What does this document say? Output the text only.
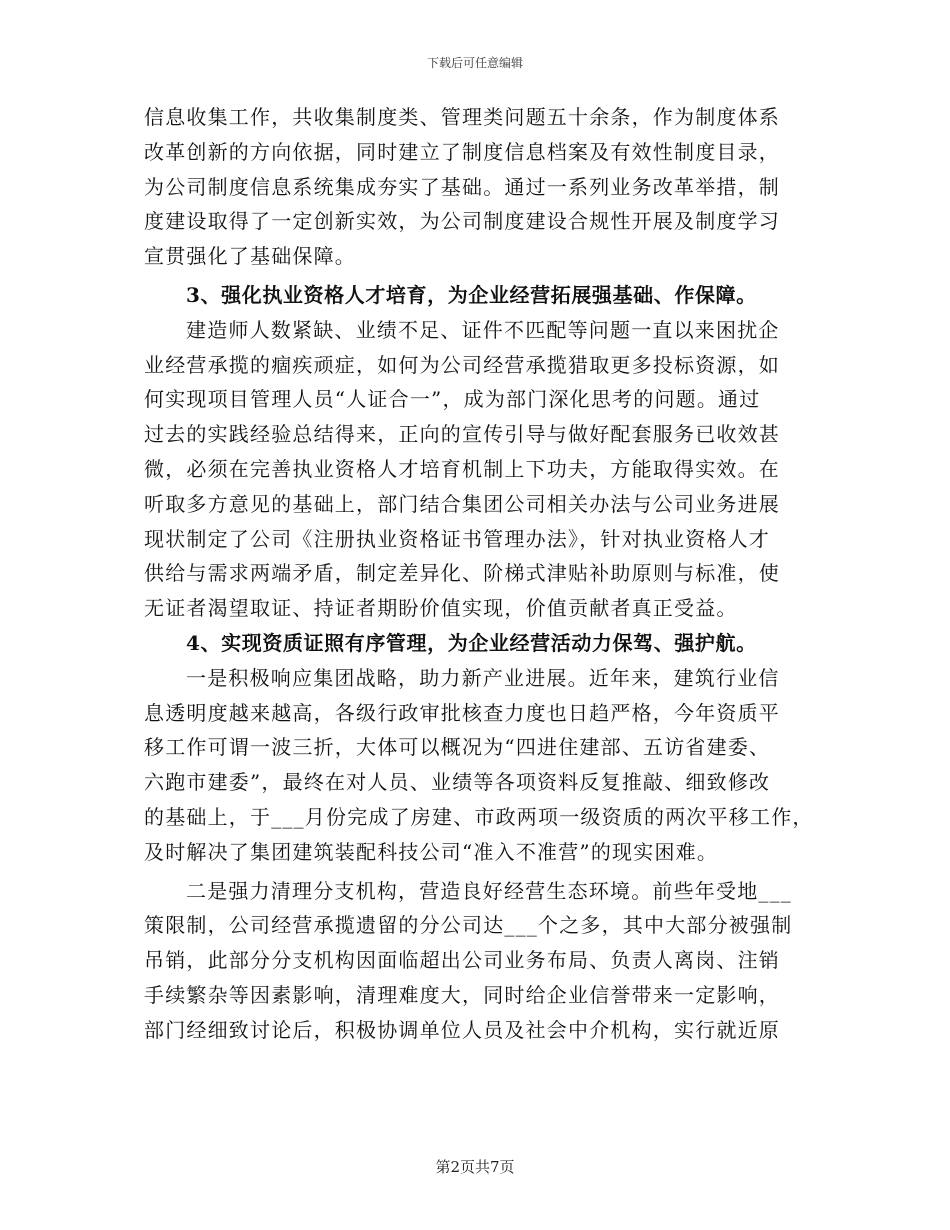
下载后可任意编辑
信息收集工作，共收集制度类、管理类问题五十余条，作为制度体系
改革创新的方向依据，同时建立了制度信息档案及有效性制度目录，
为公司制度信息系统集成夯实了基础。通过一系列业务改革举措，制
度建设取得了一定创新实效，为公司制度建设合规性开展及制度学习
宣贯强化了基础保障。
3、强化执业资格人才培育，为企业经营拓展强基础、作保障。
建造师人数紧缺、业绩不足、证件不匹配等问题一直以来困扰企
业经营承揽的痼疾顽症，如何为公司经营承揽猎取更多投标资源，如
何实现项目管理人员“人证合一”，成为部门深化思考的问题。通过
过去的实践经验总结得来，正向的宣传引导与做好配套服务已收效甚
微，必须在完善执业资格人才培育机制上下功夫，方能取得实效。在
听取多方意见的基础上，部门结合集团公司相关办法与公司业务进展
现状制定了公司《注册执业资格证书管理办法》，针对执业资格人才
供给与需求两端矛盾，制定差异化、阶梯式津贴补助原则与标准，使
无证者渴望取证、持证者期盼价值实现，价值贡献者真正受益。
4、实现资质证照有序管理，为企业经营活动力保驾、强护航。
一是积极响应集团战略，助力新产业进展。近年来，建筑行业信
息透明度越来越高，各级行政审批核查力度也日趋严格，今年资质平
移工作可谓一波三折，大体可以概况为“四进住建部、五访省建委、
六跑市建委”，最终在对人员、业绩等各项资料反复推敲、细致修改
的基础上，于___月份完成了房建、市政两项一级资质的两次平移工作，
及时解决了集团建筑装配科技公司“准入不准营”的现实困难。
二是强力清理分支机构，营造良好经营生态环境。前些年受地___
策限制，公司经营承揽遗留的分公司达___个之多，其中大部分被强制
吊销，此部分分支机构因面临超出公司业务布局、负责人离岗、注销
手续繁杂等因素影响，清理难度大，同时给企业信誉带来一定影响，
部门经细致讨论后，积极协调单位人员及社会中介机构，实行就近原
第2页共7页
